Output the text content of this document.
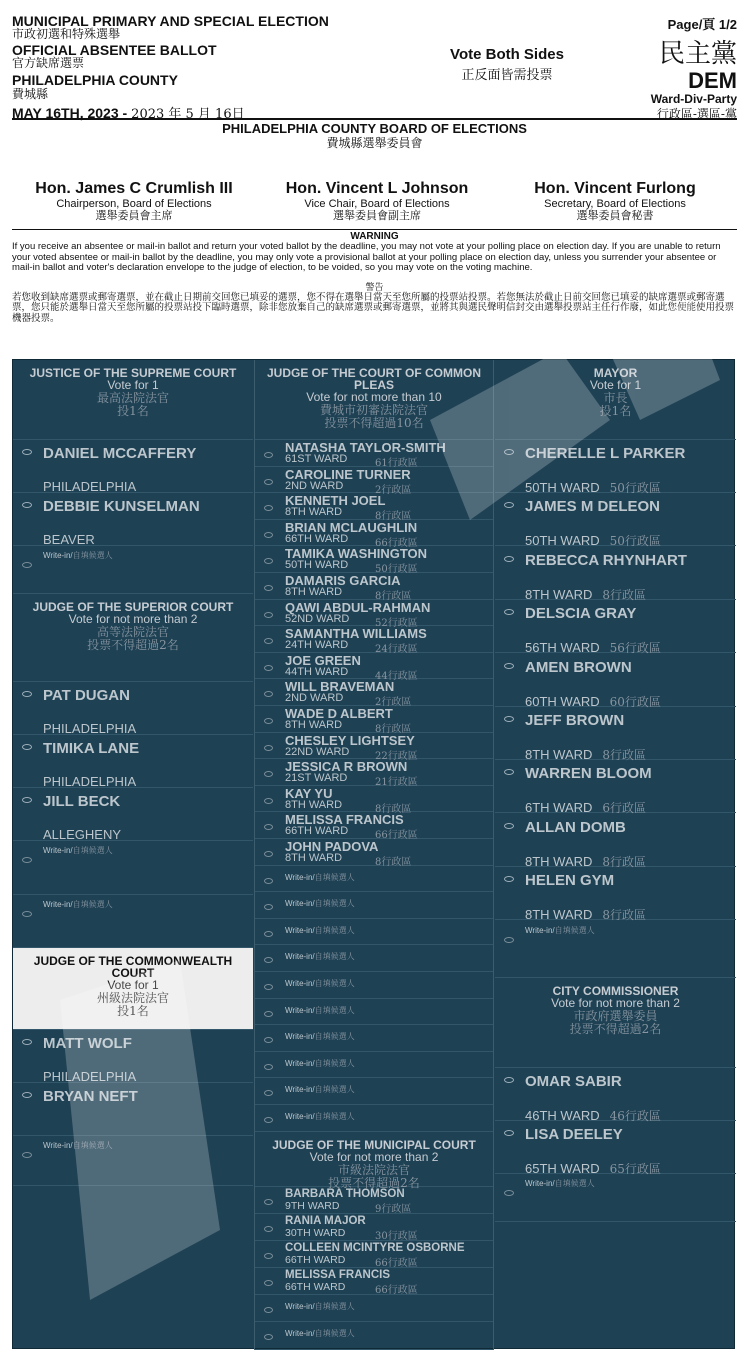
MUNICIPAL PRIMARY AND SPECIAL ELECTION
市政初選和特殊選舉
OFFICIAL ABSENTEE BALLOT
官方缺席選票
PHILADELPHIA COUNTY
費城縣
MAY 16TH, 2023 - 2023 年 5 月 16日
Vote Both Sides
正反面皆需投票
Page/頁 1/2
民主黨
DEM
Ward-Div-Party
行政區-選區-黨
PHILADELPHIA COUNTY BOARD OF ELECTIONS
費城縣選舉委員會
Hon. James C Crumlish III
Chairperson, Board of Elections
選舉委員會主席
Hon. Vincent L Johnson
Vice Chair, Board of Elections
選舉委員會副主席
Hon. Vincent Furlong
Secretary, Board of Elections
選舉委員會秘書
WARNING
If you receive an absentee or mail-in ballot and return your voted ballot by the deadline, you may not vote at your polling place on election day. If you are unable to return your voted absentee or mail-in ballot by the deadline, you may only vote a provisional ballot at your polling place on election day, unless you surrender your absentee or mail-in ballot and voter's declaration envelope to the judge of election, to be voided, so you may vote on the voting machine.
警告
若您收到缺席選票或郵寄選票，並在截止日期前交回您已填妥的選票，您不得在選舉日當天至您所屬的投票站投票。若您無法於截止日前交回您已填妥的缺席選票或郵寄選票，您只能於選舉日當天至您所屬的投票站投下臨時選票，除非您放棄自己的缺席選票或郵寄選票，並將其與選民聲明信封交由選舉投票站主任行作廢，如此您便能使用投票機器投票。
JUSTICE OF THE SUPREME COURT
Vote for 1
最高法院法官
投1名
DANIEL MCCAFFERY
PHILADELPHIA
DEBBIE KUNSELMAN
BEAVER
Write-in/自填候選人
JUDGE OF THE SUPERIOR COURT
Vote for not more than 2
高等法院法官
投票不得超過2名
PAT DUGAN
PHILADELPHIA
TIMIKA LANE
PHILADELPHIA
JILL BECK
ALLEGHENY
Write-in/自填候選人
Write-in/自填候選人
JUDGE OF THE COMMONWEALTH COURT
Vote for 1
州級法院法官
投1名
MATT WOLF
PHILADELPHIA
BRYAN NEFT
Write-in/自填候選人
JUDGE OF THE COURT OF COMMON PLEAS
Vote for not more than 10
費城市初審法院法官
投票不得超過10名
NATASHA TAYLOR-SMITH
61ST WARD	61行政區
CAROLINE TURNER
2ND WARD	2行政區
KENNETH JOEL
8TH WARD	8行政區
BRIAN MCLAUGHLIN
66TH WARD	66行政區
TAMIKA WASHINGTON
50TH WARD	50行政區
DAMARIS GARCIA
8TH WARD	8行政區
QAWI ABDUL-RAHMAN
52ND WARD	52行政區
SAMANTHA WILLIAMS
24TH WARD	24行政區
JOE GREEN
44TH WARD	44行政區
WILL BRAVEMAN
2ND WARD	2行政區
WADE D ALBERT
8TH WARD	8行政區
CHESLEY LIGHTSEY
22ND WARD	22行政區
JESSICA R BROWN
21ST WARD	21行政區
KAY YU
8TH WARD	8行政區
MELISSA FRANCIS
66TH WARD	66行政區
JOHN PADOVA
8TH WARD	8行政區
Write-in/自填候選人
Write-in/自填候選人
Write-in/自填候選人
Write-in/自填候選人
Write-in/自填候選人
Write-in/自填候選人
Write-in/自填候選人
Write-in/自填候選人
Write-in/自填候選人
Write-in/自填候選人
JUDGE OF THE MUNICIPAL COURT
Vote for not more than 2
市級法院法官
投票不得超過2名
BARBARA THOMSON
9TH WARD	9行政區
RANIA MAJOR
30TH WARD	30行政區
COLLEEN MCINTYRE OSBORNE
66TH WARD	66行政區
MELISSA FRANCIS
66TH WARD	66行政區
Write-in/自填候選人
Write-in/自填候選人
MAYOR
Vote for 1
市長
投1名
CHERELLE L PARKER
50TH WARD 50行政區
JAMES M DELEON
50TH WARD 50行政區
REBECCA RHYNHART
8TH WARD 8行政區
DELSCIA GRAY
56TH WARD 56行政區
AMEN BROWN
60TH WARD 60行政區
JEFF BROWN
8TH WARD 8行政區
WARREN BLOOM
6TH WARD 6行政區
ALLAN DOMB
8TH WARD 8行政區
HELEN GYM
8TH WARD 8行政區
Write-in/自填候選人
CITY COMMISSIONER
Vote for not more than 2
市政府選舉委員
投票不得超過2名
OMAR SABIR
46TH WARD 46行政區
LISA DEELEY
65TH WARD 65行政區
Write-in/自填候選人
